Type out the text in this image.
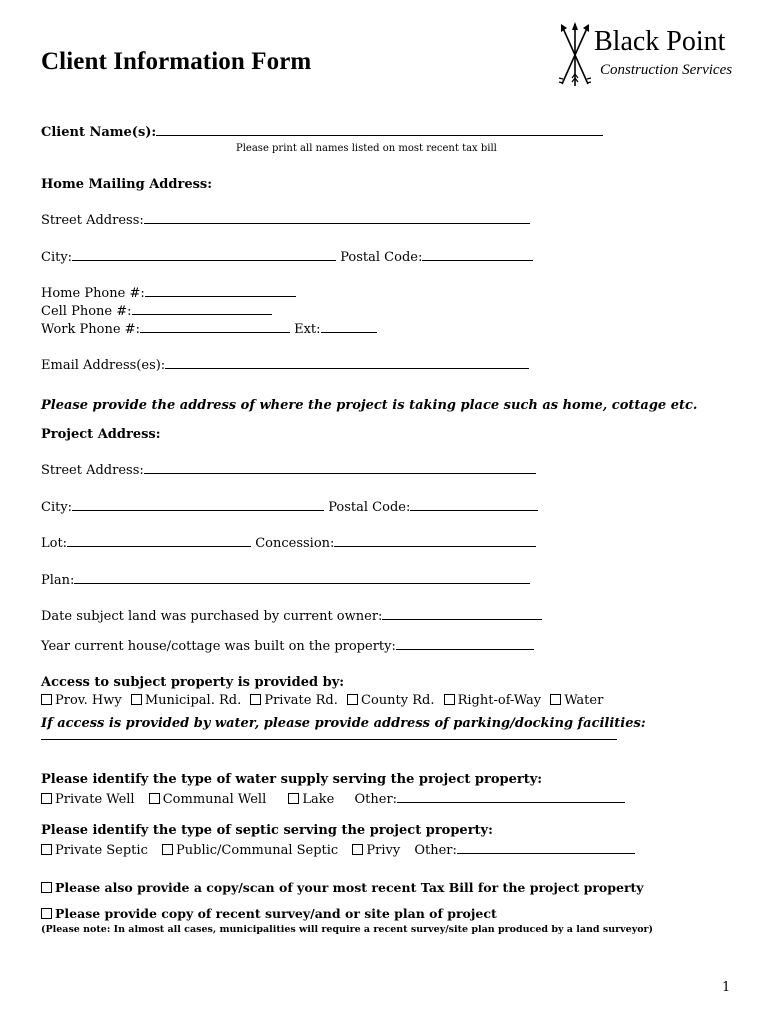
Client Information Form
Black Point
Construction Services
Client Name(s):
Please print all names listed on most recent tax bill
Home Mailing Address:
Street Address:
City:	Postal Code:
Home Phone #:
Cell Phone #:
Work Phone #:	Ext:
Email Address(es):
Please provide the address of where the project is taking place such as home, cottage etc.
Project Address:
Street Address:
City:	Postal Code:
Lot:	Concession:
Plan:
Date subject land was purchased by current owner:
Year current house/cottage was built on the property:
Access to subject property is provided by:
Prov. Hwy Municipal. Rd. Private Rd. County Rd. Right-of-Way Water
If access is provided by water, please provide address of parking/docking facilities:
Please identify the type of water supply serving the project property:
Private Well Communal Well	Lake Other:
Please identify the type of septic serving the project property:
Private Septic Public/Communal Septic Privy Other:
Please also provide a copy/scan of your most recent Tax Bill for the project property
Please provide copy of recent survey/and or site plan of project
(Please note: In almost all cases, municipalities will require a recent survey/site plan produced by a land surveyor)
1
